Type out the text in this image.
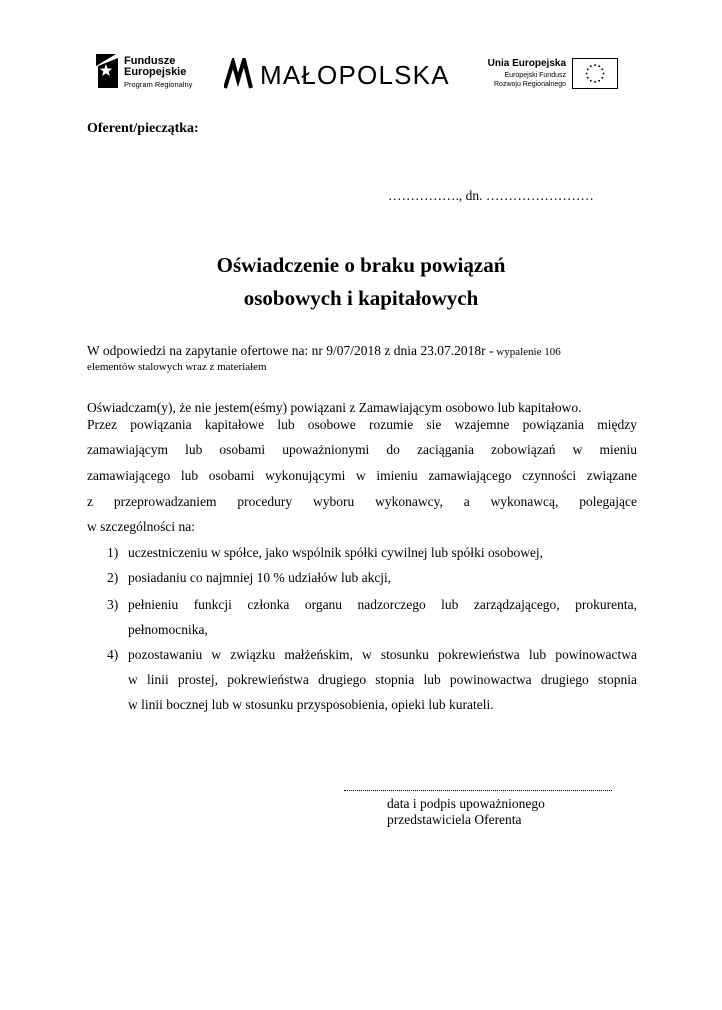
Fundusze
Europejskie
Program Regionalny	MAŁOPOLSKA	Unia Europejska
Europejski Fundusz
Rozwoju Regionalnego
Oferent/pieczątka:
……………., dn. ……………………
Oświadczenie o braku powiązań
osobowych i kapitałowych
W odpowiedzi na zapytanie ofertowe na: nr 9/07/2018 z dnia 23.07.2018r - wypalenie 106
elementów stalowych wraz z materiałem
Oświadczam(y), że nie jestem(eśmy) powiązani z Zamawiającym osobowo lub kapitałowo.
Przez powiązania kapitałowe lub osobowe rozumie sie wzajemne powiązania między
zamawiającym lub osobami upoważnionymi do zaciągania zobowiązań w mieniu
zamawiającego lub osobami wykonującymi w imieniu zamawiającego czynności związane
z przeprowadzaniem procedury wyboru wykonawcy, a wykonawcą, polegające
w szczególności na:
1) uczestniczeniu w spółce, jako wspólnik spółki cywilnej lub spółki osobowej,
2) posiadaniu co najmniej 10 % udziałów lub akcji,
3) pełnieniu funkcji członka organu nadzorczego lub zarządzającego, prokurenta,
pełnomocnika,
4) pozostawaniu w związku małżeńskim, w stosunku pokrewieństwa lub powinowactwa
w linii prostej, pokrewieństwa drugiego stopnia lub powinowactwa drugiego stopnia
w linii bocznej lub w stosunku przysposobienia, opieki lub kurateli.
data i podpis upoważnionego
przedstawiciela Oferenta
